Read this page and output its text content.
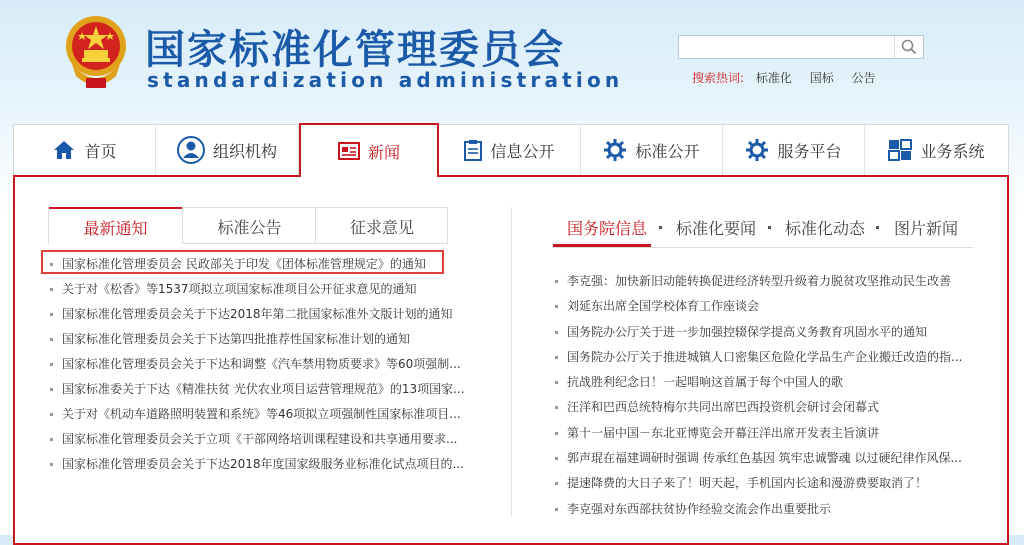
国家标准化管理委员会
standardization administration	搜索热词: 标准化 国标 公告
首页	组织机构	新闻	信息公开	标准公开	服务平台	业务系统
最新通知	标准公告	征求意见
国家标准化管理委员会 民政部关于印发《团体标准管理规定》的通知
关于对《松香》等1537项拟立项国家标准项目公开征求意见的通知
国家标准化管理委员会关于下达2018年第二批国家标准外文版计划的通知
国家标准化管理委员会关于下达第四批推荐性国家标准计划的通知
国家标准化管理委员会关于下达和调整《汽车禁用物质要求》等60项强制...
国家标准委关于下达《精准扶贫 光伏农业项目运营管理规范》的13项国家...
关于对《机动车道路照明装置和系统》等46项拟立项强制性国家标准项目...
国家标准化管理委员会关于立项《干部网络培训课程建设和共享通用要求...
国家标准化管理委员会关于下达2018年度国家级服务业标准化试点项目的...
国务院信息 标准化要闻 标准化动态 图片新闻
李克强：加快新旧动能转换促进经济转型升级着力脱贫攻坚推动民生改善
刘延东出席全国学校体育工作座谈会
国务院办公厅关于进一步加强控辍保学提高义务教育巩固水平的通知
国务院办公厅关于推进城镇人口密集区危险化学品生产企业搬迁改造的指...
抗战胜利纪念日！一起唱响这首属于每个中国人的歌
汪洋和巴西总统特梅尔共同出席巴西投资机会研讨会闭幕式
第十一届中国－东北亚博览会开幕汪洋出席开发表主旨演讲
郭声琨在福建调研时强调 传承红色基因 筑牢忠诚警魂 以过硬纪律作风保...
提速降费的大日子来了！明天起，手机国内长途和漫游费要取消了！
李克强对东西部扶贫协作经验交流会作出重要批示
